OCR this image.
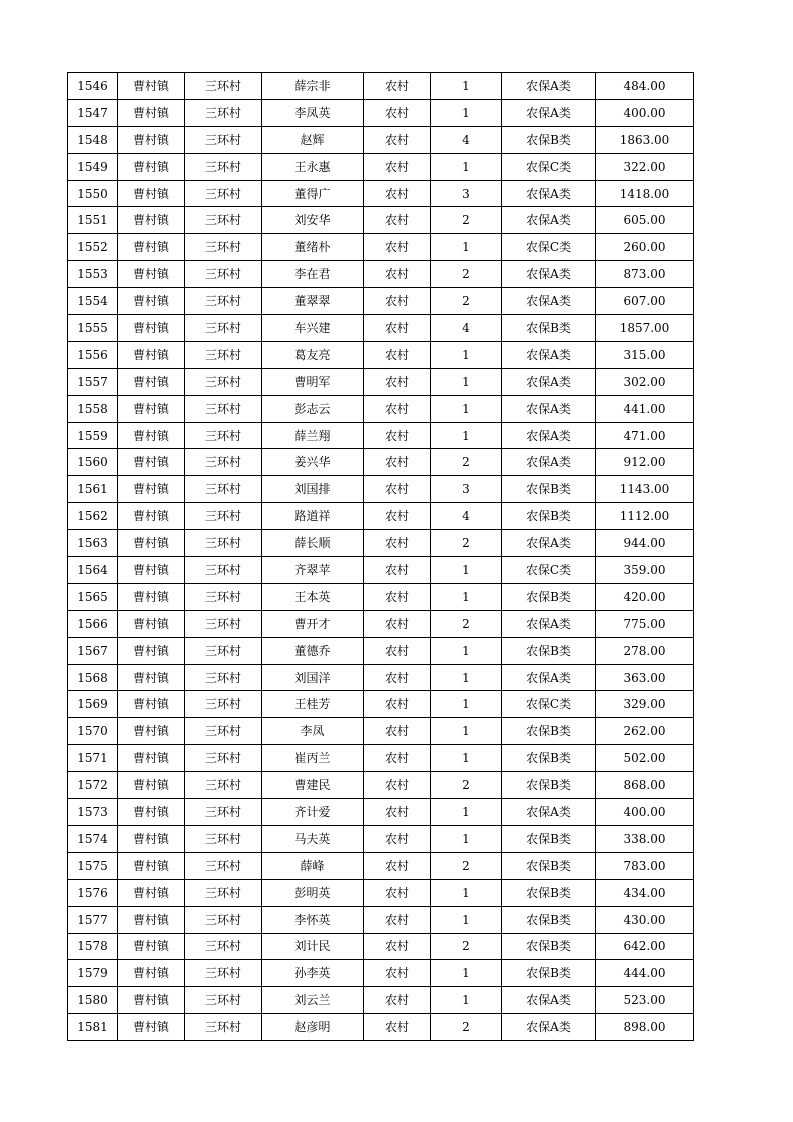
1546	曹村镇	三环村	薛宗非	农村	1	农保A类	484.00
1547	曹村镇	三环村	李凤英	农村	1	农保A类	400.00
1548	曹村镇	三环村	赵辉	农村	4	农保B类	1863.00
1549	曹村镇	三环村	王永惠	农村	1	农保C类	322.00
1550	曹村镇	三环村	董得广	农村	3	农保A类	1418.00
1551	曹村镇	三环村	刘安华	农村	2	农保A类	605.00
1552	曹村镇	三环村	董绪朴	农村	1	农保C类	260.00
1553	曹村镇	三环村	李在君	农村	2	农保A类	873.00
1554	曹村镇	三环村	董翠翠	农村	2	农保A类	607.00
1555	曹村镇	三环村	车兴建	农村	4	农保B类	1857.00
1556	曹村镇	三环村	葛友亮	农村	1	农保A类	315.00
1557	曹村镇	三环村	曹明军	农村	1	农保A类	302.00
1558	曹村镇	三环村	彭志云	农村	1	农保A类	441.00
1559	曹村镇	三环村	薛兰翔	农村	1	农保A类	471.00
1560	曹村镇	三环村	姜兴华	农村	2	农保A类	912.00
1561	曹村镇	三环村	刘国排	农村	3	农保B类	1143.00
1562	曹村镇	三环村	路道祥	农村	4	农保B类	1112.00
1563	曹村镇	三环村	薛长顺	农村	2	农保A类	944.00
1564	曹村镇	三环村	齐翠苹	农村	1	农保C类	359.00
1565	曹村镇	三环村	王本英	农村	1	农保B类	420.00
1566	曹村镇	三环村	曹开才	农村	2	农保A类	775.00
1567	曹村镇	三环村	董德乔	农村	1	农保B类	278.00
1568	曹村镇	三环村	刘国洋	农村	1	农保A类	363.00
1569	曹村镇	三环村	王桂芳	农村	1	农保C类	329.00
1570	曹村镇	三环村	李凤	农村	1	农保B类	262.00
1571	曹村镇	三环村	崔丙兰	农村	1	农保B类	502.00
1572	曹村镇	三环村	曹建民	农村	2	农保B类	868.00
1573	曹村镇	三环村	齐计爱	农村	1	农保A类	400.00
1574	曹村镇	三环村	马夫英	农村	1	农保B类	338.00
1575	曹村镇	三环村	薛峰	农村	2	农保B类	783.00
1576	曹村镇	三环村	彭明英	农村	1	农保B类	434.00
1577	曹村镇	三环村	李怀英	农村	1	农保B类	430.00
1578	曹村镇	三环村	刘计民	农村	2	农保B类	642.00
1579	曹村镇	三环村	孙李英	农村	1	农保B类	444.00
1580	曹村镇	三环村	刘云兰	农村	1	农保A类	523.00
1581	曹村镇	三环村	赵彦明	农村	2	农保A类	898.00
